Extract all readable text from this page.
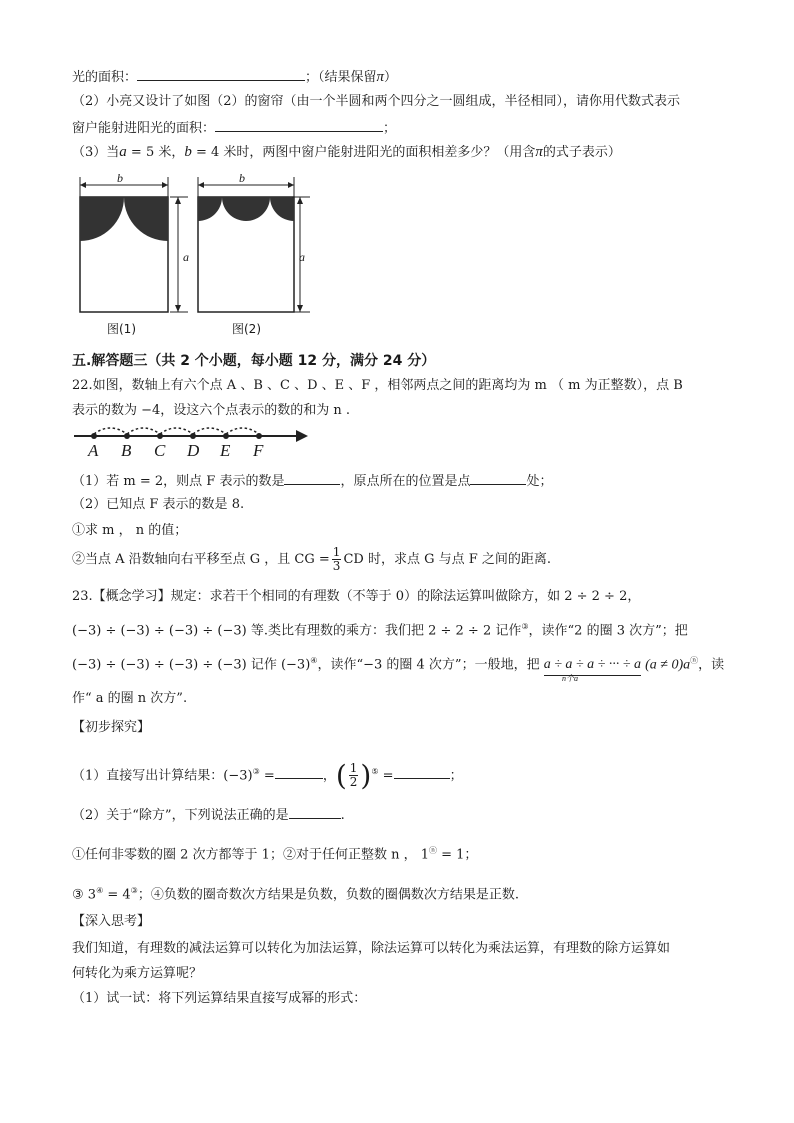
光的面积：	；（结果保留π）
（2）小亮又设计了如图（2）的窗帘（由一个半圆和两个四分之一圆组成，半径相同），请你用代数式表示
窗户能射进阳光的面积：	；
（3）当a = 5 米，b = 4 米时，两图中窗户能射进阳光的面积相差多少？（用含π的式子表示）
b
a
图(1)
b
a
图(2)
五.解答题三（共 2 个小题，每小题 12 分，满分 24 分）
22.如图，数轴上有六个点 A 、B 、C 、D 、E 、F ，相邻两点之间的距离均为 m （ m 为正整数），点 B
表示的数为 −4，设这六个点表示的数的和为 n .
A B C D E F
（1）若 m = 2，则点 F 表示的数是	，原点所在的位置是点	处；
（2）已知点 F 表示的数是 8.
①求 m ， n 的值；
②当点 A 沿数轴向右平移至点 G ，且 CG = $\frac{1}{3}$ CD 时，求点 G 与点 F 之间的距离.
23.【概念学习】规定：求若干个相同的有理数（不等于 0）的除法运算叫做除方，如 2 ÷ 2 ÷ 2，
(−3) ÷ (−3) ÷ (−3) ÷ (−3) 等.类比有理数的乘方：我们把 2 ÷ 2 ÷ 2 记作③，读作“2 的圈 3 次方”；把
(−3) ÷ (−3) ÷ (−3) ÷ (−3) 记作 (−3)④，读作“−3 的圈 4 次方”；一般地，把 a ÷ a ÷ a ÷ ··· ÷ a (a ≠ 0)aⓝ，读
n个a
作“ a 的圈 n 次方”.
【初步探究】
（1）直接写出计算结果：(−3)③ =	，( $\frac{1}{2} )^⑤$ =	；
（2）关于“除方”，下列说法正确的是	.
①任何非零数的圈 2 次方都等于 1；②对于任何正整数 n ， 1ⓝ = 1；
③ 3④ = 4③；④负数的圈奇数次方结果是负数，负数的圈偶数次方结果是正数.
【深入思考】
我们知道，有理数的减法运算可以转化为加法运算，除法运算可以转化为乘法运算，有理数的除方运算如
何转化为乘方运算呢？
（1）试一试：将下列运算结果直接写成幂的形式：
